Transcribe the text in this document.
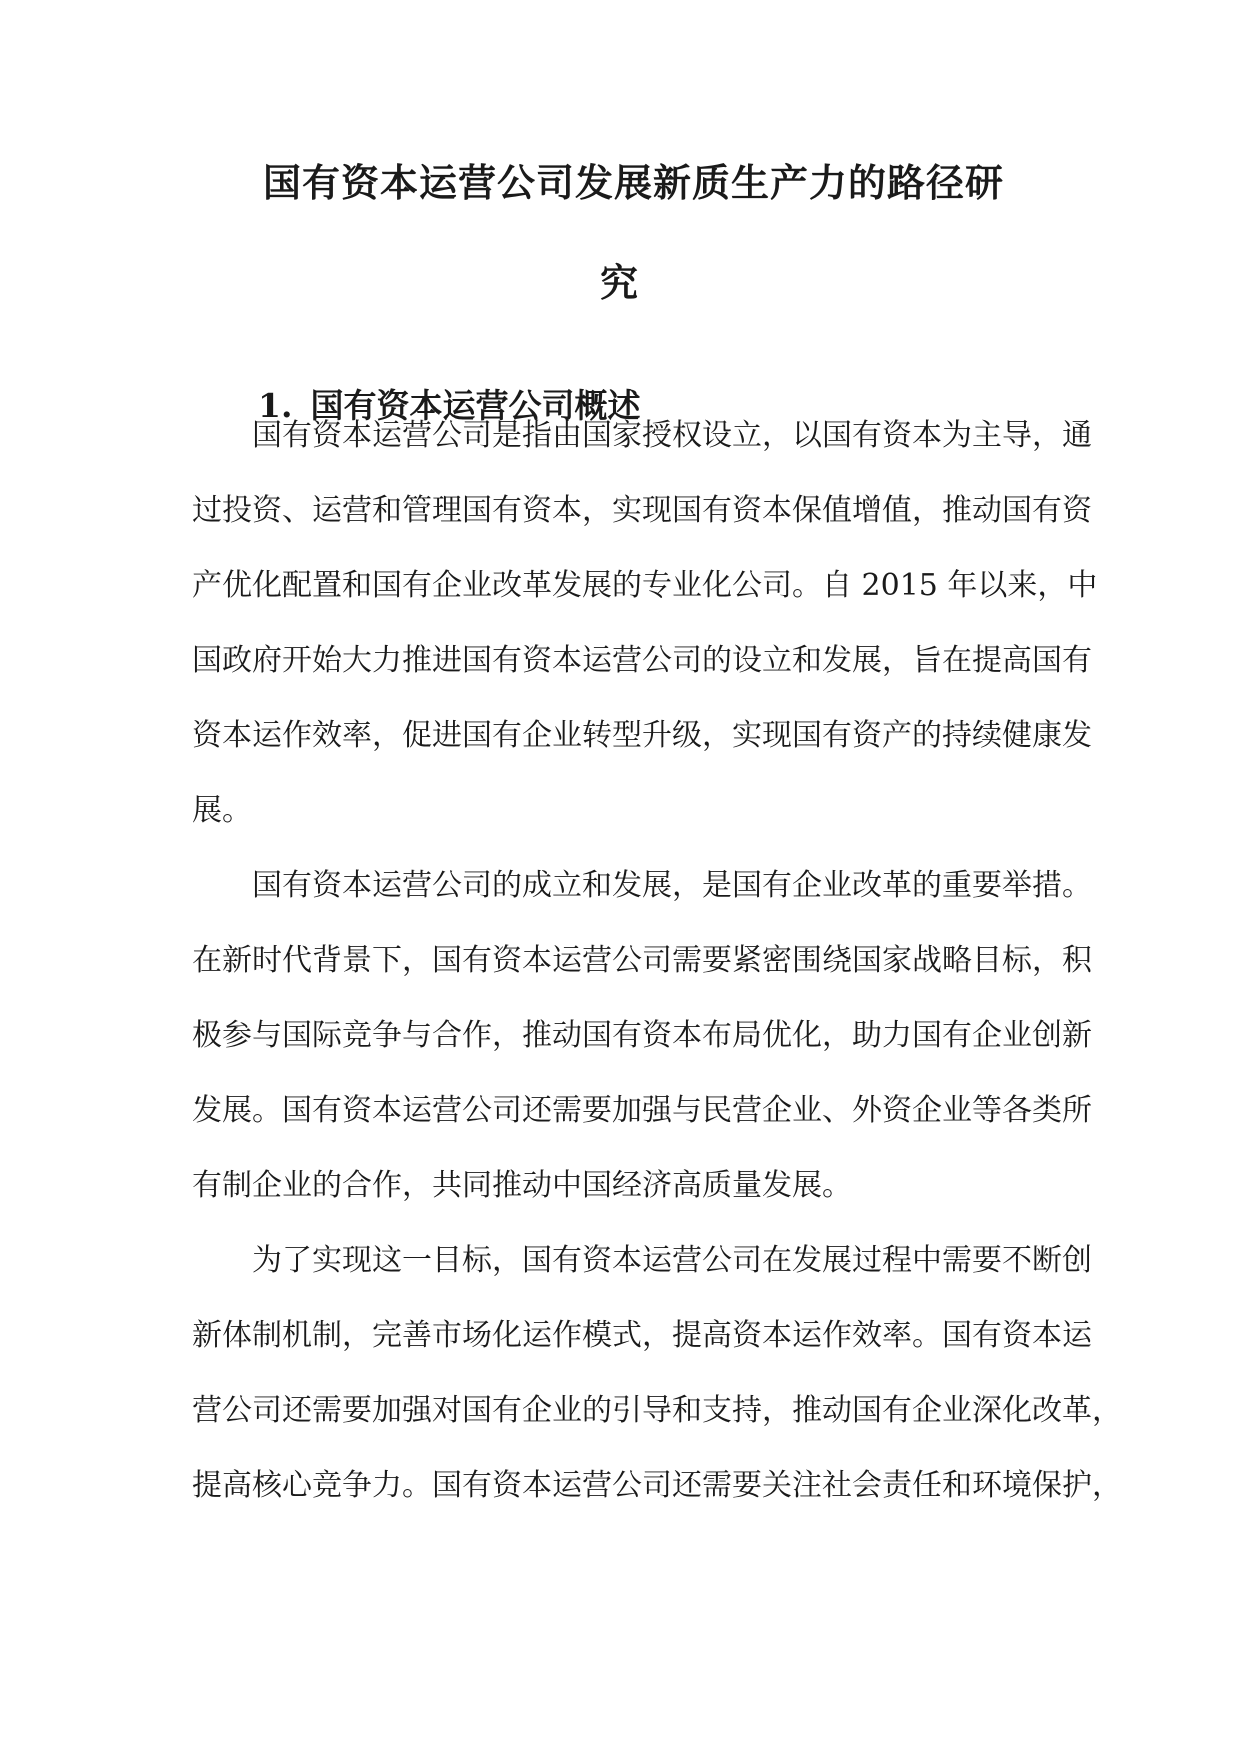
国有资本运营公司发展新质生产力的路径研
究
1. 国有资本运营公司概述
　　国有资本运营公司是指由国家授权设立，以国有资本为主导，通
过投资、运营和管理国有资本，实现国有资本保值增值，推动国有资
产优化配置和国有企业改革发展的专业化公司。自 2015 年以来，中
国政府开始大力推进国有资本运营公司的设立和发展，旨在提高国有
资本运作效率，促进国有企业转型升级，实现国有资产的持续健康发
展。
　　国有资本运营公司的成立和发展，是国有企业改革的重要举措。
在新时代背景下，国有资本运营公司需要紧密围绕国家战略目标，积
极参与国际竞争与合作，推动国有资本布局优化，助力国有企业创新
发展。国有资本运营公司还需要加强与民营企业、外资企业等各类所
有制企业的合作，共同推动中国经济高质量发展。
　　为了实现这一目标，国有资本运营公司在发展过程中需要不断创
新体制机制，完善市场化运作模式，提高资本运作效率。国有资本运
营公司还需要加强对国有企业的引导和支持，推动国有企业深化改革，
提高核心竞争力。国有资本运营公司还需要关注社会责任和环境保护，
